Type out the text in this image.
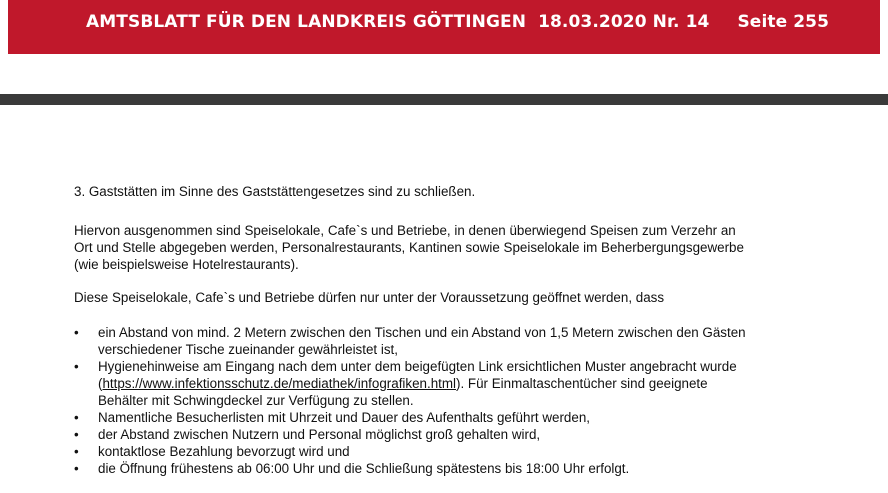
AMTSBLATT FÜR DEN LANDKREIS GÖTTINGEN 18.03.2020 Nr. 14 Seite 255

3. Gaststätten im Sinne des Gaststättengesetzes sind zu schließen.

Hiervon ausgenommen sind Speiselokale, Cafe`s und Betriebe, in denen überwiegend Speisen zum Verzehr an
Ort und Stelle abgegeben werden, Personalrestaurants, Kantinen sowie Speiselokale im Beherbergungsgewerbe
(wie beispielsweise Hotelrestaurants).

Diese Speiselokale, Cafe`s und Betriebe dürfen nur unter der Voraussetzung geöffnet werden, dass

• ein Abstand von mind. 2 Metern zwischen den Tischen und ein Abstand von 1,5 Metern zwischen den Gästen
verschiedener Tische zueinander gewährleistet ist,
• Hygienehinweise am Eingang nach dem unter dem beigefügten Link ersichtlichen Muster angebracht wurde
(https://www.infektionsschutz.de/mediathek/infografiken.html). Für Einmaltaschentücher sind geeignete
Behälter mit Schwingdeckel zur Verfügung zu stellen.
• Namentliche Besucherlisten mit Uhrzeit und Dauer des Aufenthalts geführt werden,
• der Abstand zwischen Nutzern und Personal möglichst groß gehalten wird,
• kontaktlose Bezahlung bevorzugt wird und
• die Öffnung frühestens ab 06:00 Uhr und die Schließung spätestens bis 18:00 Uhr erfolgt.
